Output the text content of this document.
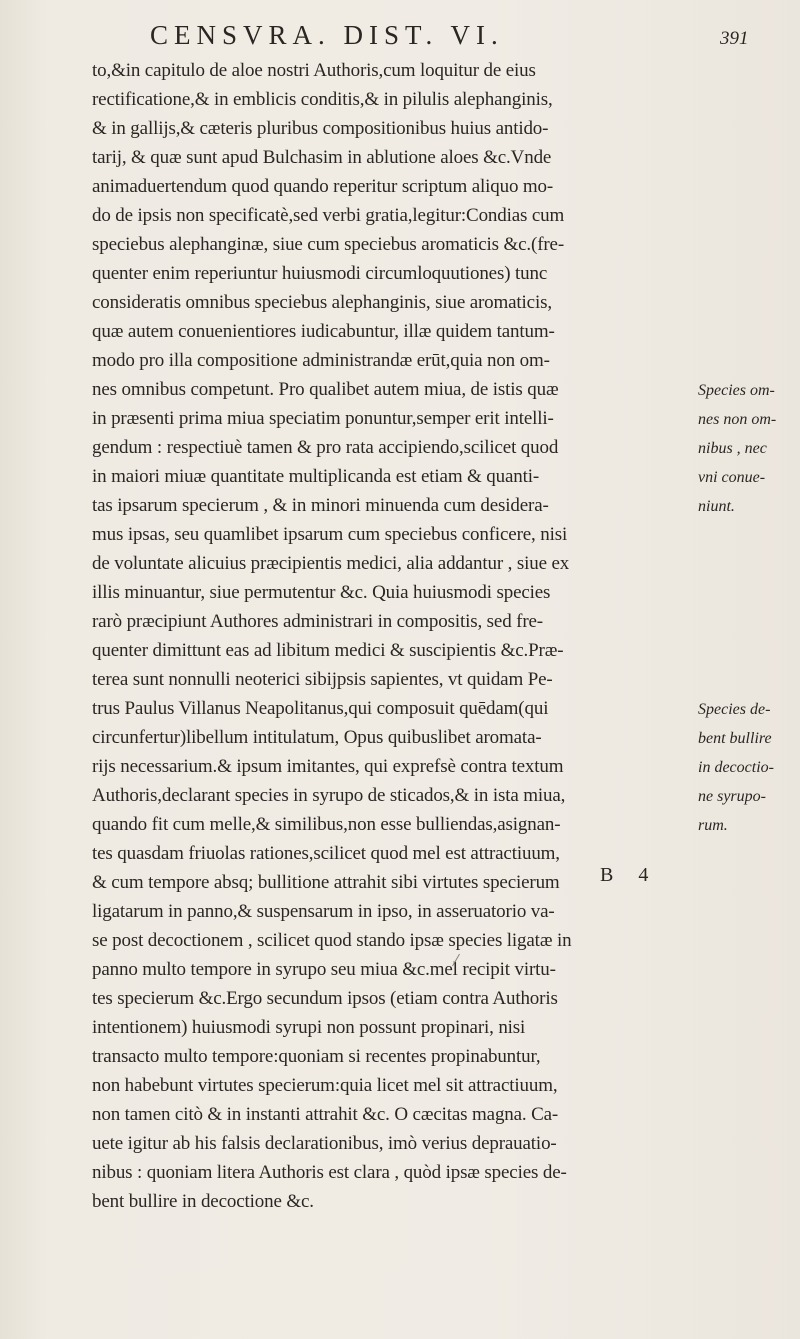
CENSVRA. DIST. VI.	391
to,&in capitulo de aloe nostri Authoris,cum loquitur de eius
rectificatione,& in emblicis conditis,& in pilulis alephanginis,
& in gallijs,& cæteris pluribus compositionibus huius antido-
tarij, & quæ sunt apud Bulchasim in ablutione aloes &c.Vnde
animaduertendum quod quando reperitur scriptum aliquo mo-
do de ipsis non specificatè,sed verbi gratia,legitur:Condias cum
speciebus alephanginæ, siue cum speciebus aromaticis &c.(fre-
quenter enim reperiuntur huiusmodi circumloquutiones) tunc
consideratis omnibus speciebus alephanginis, siue aromaticis,
quæ autem conuenientiores iudicabuntur, illæ quidem tantum-
modo pro illa compositione administrandæ erūt,quia non om-
nes omnibus competunt. Pro qualibet autem miua, de istis quæ
in præsenti prima miua speciatim ponuntur,semper erit intelli-
gendum : respectiuè tamen & pro rata accipiendo,scilicet quod
in maiori miuæ quantitate multiplicanda est etiam & quanti-
tas ipsarum specierum , & in minori minuenda cum desidera-
mus ipsas, seu quamlibet ipsarum cum speciebus conficere, nisi
de voluntate alicuius præcipientis medici, alia addantur , siue ex
illis minuantur, siue permutentur &c. Quia huiusmodi species
rarò præcipiunt Authores administrari in compositis, sed fre-
quenter dimittunt eas ad libitum medici & suscipientis &c.Præ-
terea sunt nonnulli neoterici sibijpsis sapientes, vt quidam Pe-
trus Paulus Villanus Neapolitanus,qui composuit quēdam(qui
circunfertur)libellum intitulatum, Opus quibuslibet aromata-
rijs necessarium.& ipsum imitantes, qui exprefsè contra textum
Authoris,declarant species in syrupo de sticados,& in ista miua,
quando fit cum melle,& similibus,non esse bulliendas,asignan-
tes quasdam friuolas rationes,scilicet quod mel est attractiuum,
& cum tempore absq; bullitione attrahit sibi virtutes specierum
ligatarum in panno,& suspensarum in ipso, in asseruatorio va-
se post decoctionem , scilicet quod stando ipsæ species ligatæ in
panno multo tempore in syrupo seu miua &c.mel recipit virtu-
tes specierum &c.Ergo secundum ipsos (etiam contra Authoris
intentionem) huiusmodi syrupi non possunt propinari, nisi
transacto multo tempore:quoniam si recentes propinabuntur,
non habebunt virtutes specierum:quia licet mel sit attractiuum,
non tamen citò & in instanti attrahit &c. O cæcitas magna. Ca-
uete igitur ab his falsis declarationibus, imò verius deprauatio-
nibus : quoniam litera Authoris est clara , quòd ipsæ species de-
bent bullire in decoctione &c.
Species om-
nes non om-
nibus , nec
vni conue-
niunt.
Species de-
bent bullire
in decoctio-
ne syrupo-
rum.
B 4
